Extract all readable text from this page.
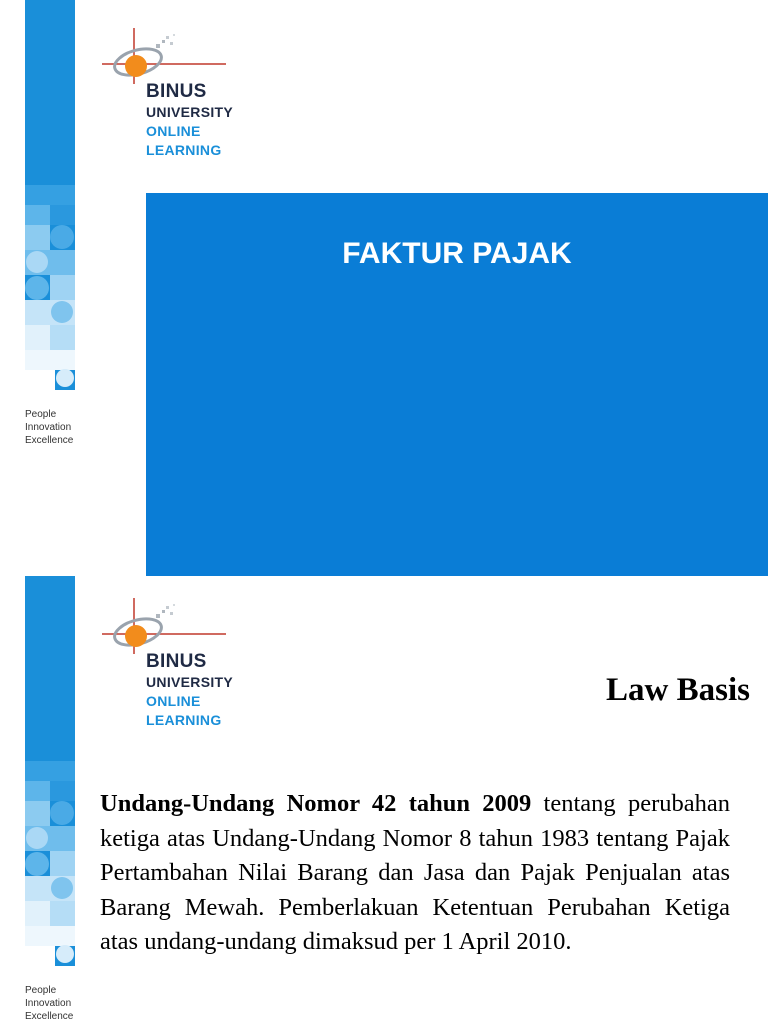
People
Innovation
Excellence
BINUS
UNIVERSITY
ONLINE
LEARNING
FAKTUR PAJAK
People
Innovation
Excellence
BINUS
UNIVERSITY
ONLINE
LEARNING
Law Basis
Undang-Undang Nomor 42 tahun 2009 tentang perubahan ketiga atas Undang-Undang Nomor 8 tahun 1983 tentang Pajak Pertambahan Nilai Barang dan Jasa dan Pajak Penjualan atas Barang Mewah. Pemberlakuan Ketentuan Perubahan Ketiga atas undang-undang dimaksud per 1 April 2010.
